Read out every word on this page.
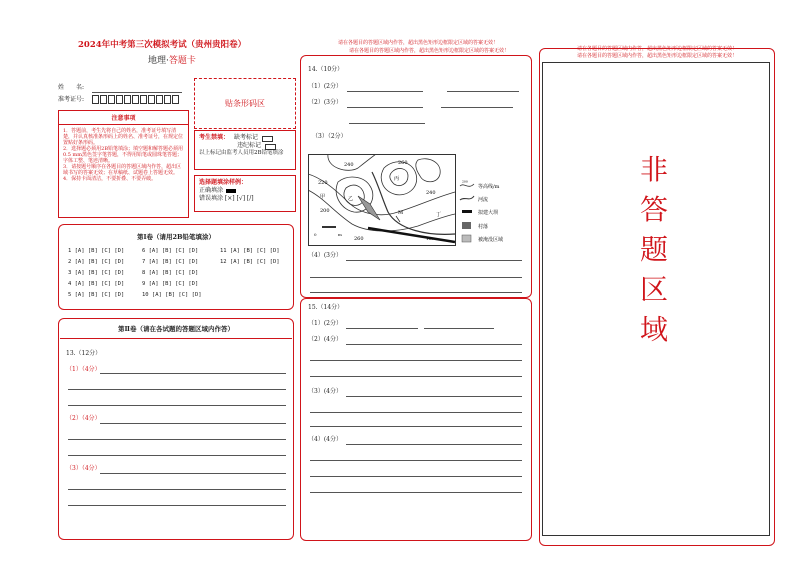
2024年中考第三次模拟考试（贵州贵阳卷）
地理·答题卡
姓　　名:
准考证号:	贴条形码区
注意事项
1．答题前，考生先将自己的姓名，准考证号填写清楚，并认真核准条形码上的姓名、准考证号，在规定位置贴好条形码。
2．选择题必须用2B铅笔填涂；填空题和解答题必须用0.5 mm黑色签字笔答题，不得用铅笔或圆珠笔答题；字体工整、笔迹清晰。
3．请按题号顺序在各题目的答题区域内作答，超出区域书写的答案无效；在草稿纸、试题卷上答题无效。
4．保持卡面清洁，不要折叠、不要弄破。
考生禁填： 缺考标记
违纪标记
以上标记由监考人员用2B铅笔填涂
选择题填涂样例：
正确填涂
错误填涂 [×] [√] [/]
第Ⅰ卷（请用2B铅笔填涂）
1 [A] [B] [C] [D]	6 [A] [B] [C] [D]	11 [A] [B] [C] [D]
2 [A] [B] [C] [D]	7 [A] [B] [C] [D]	12 [A] [B] [C] [D]
3 [A] [B] [C] [D]	8 [A] [B] [C] [D]
4 [A] [B] [C] [D]	9 [A] [B] [C] [D]
5 [A] [B] [C] [D]	10 [A] [B] [C] [D]
第Ⅱ卷（请在各试题的答题区域内作答）
13.（12分）
（1）（4分）
（2）（4分）
（3）（4分）
请在各题目的答题区域内作答，超出黑色矩形边框限定区域的答案无效！
请在各题目的答题区域内作答，超出黑色矩形边框限定区域的答案无效！
14.（10分）
（1）(2分）
（2）(3分）
（3）（2分）
甲	乙
丙
丁
M
240	260
220
200
240
260
0
160
m
200
等高线/m
河流
拟建大坝
村落
被淹没区域
（4）(3分）
15.（14分）
（1）(2分）
（2）(4分）
（3）(4分）
（4）(4分）
请在各题目的答题区域内作答，超出黑色矩形边框限定区域的答案无效！
请在各题目的答题区域内作答，超出黑色矩形边框限定区域的答案无效！
非
答
题
区
域
